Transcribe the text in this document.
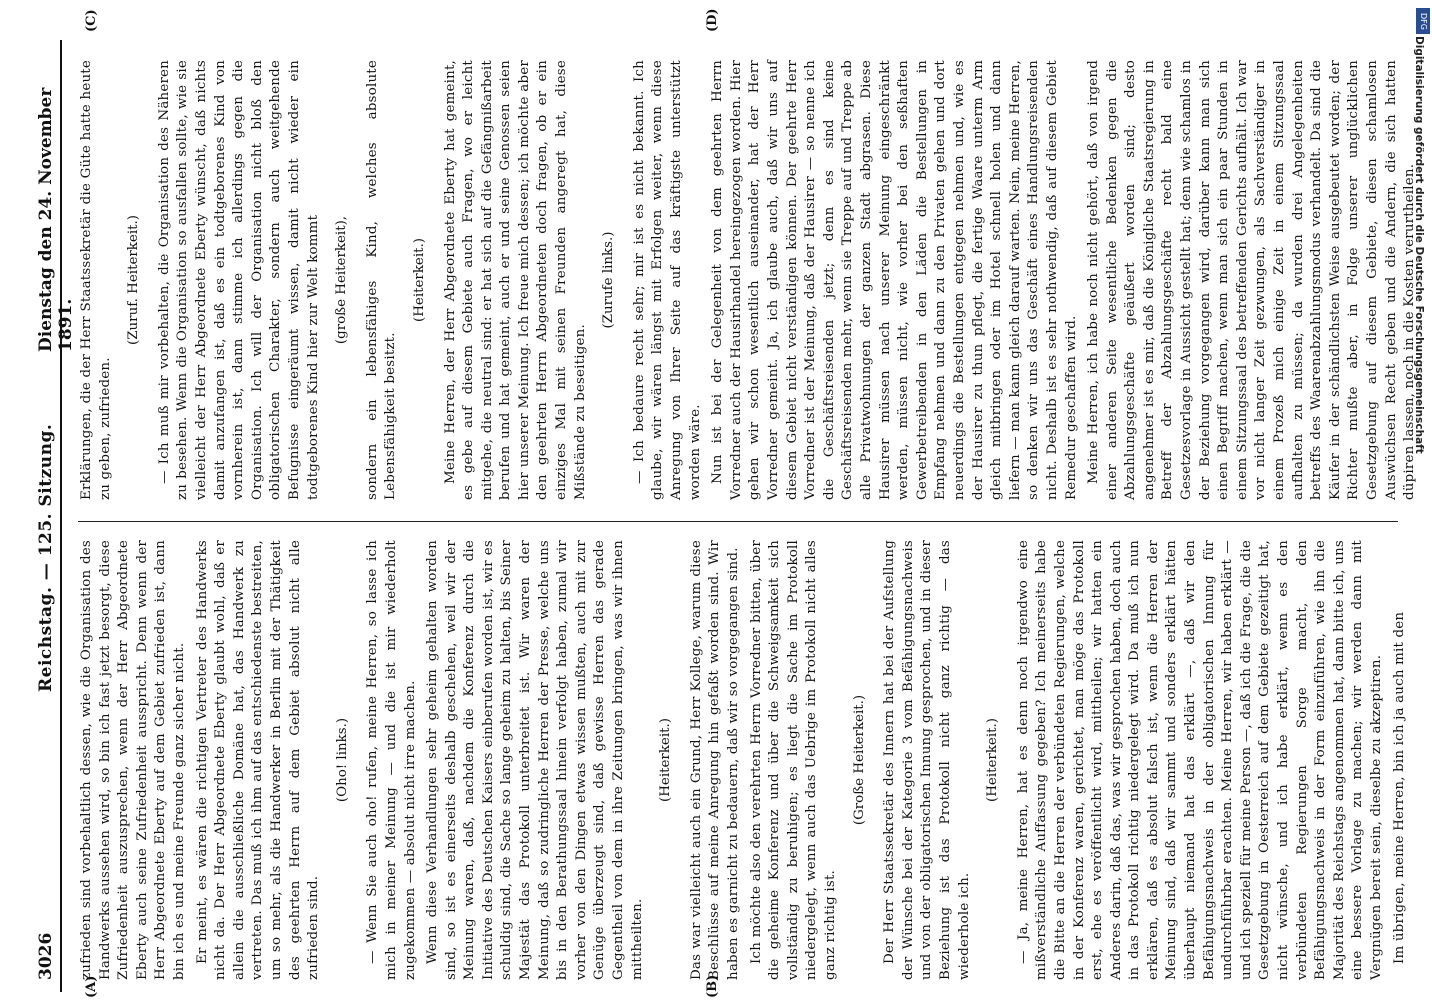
3026
Reichstag. — 125. Sitzung.
Dienstag den 24. November 1891.
(A)	(B)
(C)	(D)
zufrieden sind vorbehaltlich dessen, wie die Organisation des Handwerks aussehen wird, so bin ich fast jetzt besorgt, diese Zufriedenheit auszusprechen, wenn der Herr Abgeordnete Eberty auch seine Zufriedenheit ausspricht. Denn wenn der Herr Abgeordnete Eberty auf dem Gebiet zufrieden ist, dann bin ich es und meine Freunde ganz sicher nicht. Er meint, es wären die richtigen Vertreter des Handwerks nicht da. Der Herr Abgeordnete Eberty glaubt wohl, daß er allein die ausschließliche Domäne hat, das Handwerk zu vertreten. Das muß ich ihm auf das entschiedenste bestreiten, um so mehr, als die Handwerker in Berlin mit der Thätigkeit des geehrten Herrn auf dem Gebiet absolut nicht alle zufrieden sind.
(Oho! links.) — Wenn Sie auch oho! rufen, meine Herren, so lasse ich mich in meiner Meinung — und die ist mir wiederholt zugekommen — absolut nicht irre machen. Wenn diese Verhandlungen sehr geheim gehalten worden sind, so ist es einerseits deshalb geschehen, weil wir der Meinung waren, daß, nachdem die Konferenz durch die Initiative des Deutschen Kaisers einberufen worden ist, wir es schuldig sind, die Sache so lange geheim zu halten, bis Seiner Majestät das Protokoll unterbreitet ist. Wir waren der Meinung, daß so zudringliche Herren der Presse, welche uns bis in den Berathungssaal hinein verfolgt haben, zumal wir vorher von den Dingen etwas wissen mußten, auch mit zur Genüge überzeugt sind, daß gewisse Herren das gerade Gegentheil von dem in ihre Zeitungen bringen, was wir ihnen mittheilten.
(Heiterkeit.) Das war vielleicht auch ein Grund, Herr Kollege, warum diese Beschlüsse auf meine Anregung hin gefaßt worden sind. Wir haben es garnicht zu bedauern, daß wir so vorgegangen sind. Ich möchte also den verehrten Herrn Vorredner bitten, über die geheime Konferenz und über die Schweigsamkeit sich vollständig zu beruhigen; es liegt die Sache im Protokoll niedergelegt, wenn auch das Uebrige im Protokoll nicht alles ganz richtig ist.
(Große Heiterkeit.) Der Herr Staatssekretär des Innern hat bei der Aufstellung der Wünsche bei der Kategorie 3 vom Befähigungsnachweis und von der obligatorischen Innung gesprochen, und in dieser Beziehung ist das Protokoll nicht ganz richtig — das wiederhole ich.
(Heiterkeit.) — Ja, meine Herren, hat es denn noch irgendwo eine mißverständliche Auffassung gegeben? Ich meinerseits habe die Bitte an die Herren der verbündeten Regierungen, welche in der Konferenz waren, gerichtet, man möge das Protokoll erst, ehe es veröffentlicht wird, mittheilen; wir hatten ein Anderes darin, daß das, was wir gesprochen haben, doch auch in das Protokoll richtig niedergelegt wird. Da muß ich nun erklären, daß es absolut falsch ist, wenn die Herren der Meinung sind, daß wir sammt und sonders erklärt hätten überhaupt niemand hat das erklärt —, daß wir den Befähigungsnachweis in der obligatorischen Innung für undurchführbar erachten. Meine Herren, wir haben erklärt — und ich speziell für meine Person —, daß ich die Frage, die die Gesetzgebung in Oesterreich auf dem Gebiete gezeitigt hat, nicht wünsche, und ich habe erklärt, wenn es den verbündeten Regierungen Sorge macht, den Befähigungsnachweis in der Form einzuführen, wie ihn die Majorität des Reichstags angenommen hat, dann bitte ich, uns eine bessere Vorlage zu machen; wir werden dann mit Vergnügen bereit sein, dieselbe zu akzeptiren. Im übrigen, meine Herren, bin ich ja auch mit den
Erklärungen, die der Herr Staatssekretär die Güte hatte heute zu geben, zufrieden.
(Zuruf. Heiterkeit.) — Ich muß mir vorbehalten, die Organisation des Näheren zu besehen. Wenn die Organisation so ausfallen sollte, wie sie vielleicht der Herr Abgeordnete Eberty wünscht, daß nichts damit anzufangen ist, daß es ein todtgeborenes Kind von vornherein ist, dann stimme ich allerdings gegen die Organisation. Ich will der Organisation nicht bloß den obligatorischen Charakter, sondern auch weitgehende Befugnisse eingeräumt wissen, damit nicht wieder ein todtgeborenes Kind hier zur Welt kommt (große Heiterkeit), sondern ein lebensfähiges Kind, welches absolute Lebensfähigkeit besitzt.
(Heiterkeit.) Meine Herren, der Herr Abgeordnete Eberty hat gemeint, es gebe auf diesem Gebiete auch Fragen, wo er leicht mitgehe, die neutral sind: er hat sich auf die Gefängnißarbeit berufen und hat gemeint, auch er und seine Genossen seien hier unserer Meinung. Ich freue mich dessen; ich möchte aber den geehrten Herrn Abgeordneten doch fragen, ob er ein einziges Mal mit seinen Freunden angeregt hat, diese Mißstände zu beseitigen.
(Zurufe links.) — Ich bedaure recht sehr; mir ist es nicht bekannt. Ich glaube, wir wären längst mit Erfolgen weiter, wenn diese Anregung von Ihrer Seite auf das kräftigste unterstützt worden wäre. Nun ist bei der Gelegenheit von dem geehrten Herrn Vorredner auch der Hausirhandel hereingezogen worden. Hier gehen wir schon wesentlich auseinander, hat der Herr Vorredner gemeint. Ja, ich glaube auch, daß wir uns auf diesem Gebiet nicht verständigen können. Der geehrte Herr Vorredner ist der Meinung, daß der Hausirer — so nenne ich die Geschäftsreisenden jetzt; denn es sind keine Geschäftsreisenden mehr, wenn sie Treppe auf und Treppe ab alle Privatwohnungen der ganzen Stadt abgrasen. Diese Hausirer müssen nach unserer Meinung eingeschränkt werden, müssen nicht, wie vorher bei den seßhaften Gewerbetreibenden in den Läden die Bestellungen in Empfang nehmen und dann zu den Privaten gehen und dort neuerdings die Bestellungen entgegen nehmen und, wie es der Hausirer zu thun pflegt, die fertige Waare unterm Arm gleich mitbringen oder im Hotel schnell holen und dann liefern — man kann gleich darauf warten. Nein, meine Herren, so denken wir uns das Geschäft eines Handlungsreisenden nicht. Deshalb ist es sehr nothwendig, daß auf diesem Gebiet Remedur geschaffen wird. Meine Herren, ich habe noch nicht gehört, daß von irgend einer anderen Seite wesentliche Bedenken gegen die Abzahlungsgeschäfte geäußert worden sind; desto angenehmer ist es mir, daß die Königliche Staatsregierung in Betreff der Abzahlungsgeschäfte recht bald eine Gesetzesvorlage in Aussicht gestellt hat; denn wie schamlos in der Beziehung vorgegangen wird, darüber kann man sich einen Begriff machen, wenn man sich ein paar Stunden in einem Sitzungssaal des betreffenden Gerichts aufhält. Ich war vor nicht langer Zeit gezwungen, als Sachverständiger in einem Prozeß mich einige Zeit in einem Sitzungssaal aufhalten zu müssen; da wurden drei Angelegenheiten betreffs des Waarenabzahlungsmodus verhandelt. Da sind die Käufer in der schändlichsten Weise ausgebeutet worden; der Richter mußte aber, in Folge unserer unglücklichen Gesetzgebung auf diesem Gebiete, diesen schamlosen Auswüchsen Recht geben und die Andern, die sich hatten düpiren lassen, noch in die Kosten verurtheilen.
DFG
Digitalisierung gefördert durch die Deutsche Forschungsgemeinschaft
